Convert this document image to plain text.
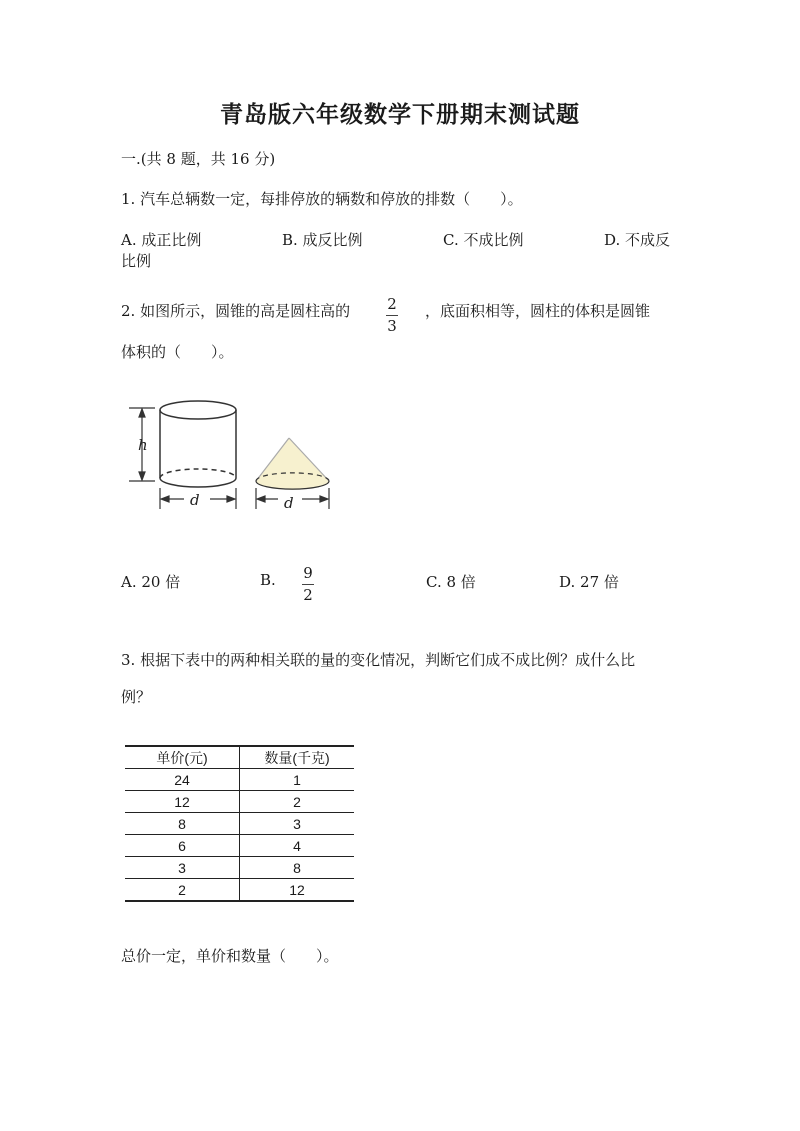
青岛版六年级数学下册期末测试题
一.(共 8 题，共 16 分)
1. 汽车总辆数一定，每排停放的辆数和停放的排数（　　）。
A. 成正比例	B. 成反比例	C. 不成比例	D. 不成反
比例
2. 如图所示，圆锥的高是圆柱高的 2
3
，底面积相等，圆柱的体积是圆锥
体积的（　　）。
h
d	d
A. 20 倍	B. 9
2
C. 8 倍	D. 27 倍
3. 根据下表中的两种相关联的量的变化情况，判断它们成不成比例？成什么比
例？
单价(元)	数量(千克)
24	1
12	2
8	3
6	4
3	8
2	12
总价一定，单价和数量（　　）。
